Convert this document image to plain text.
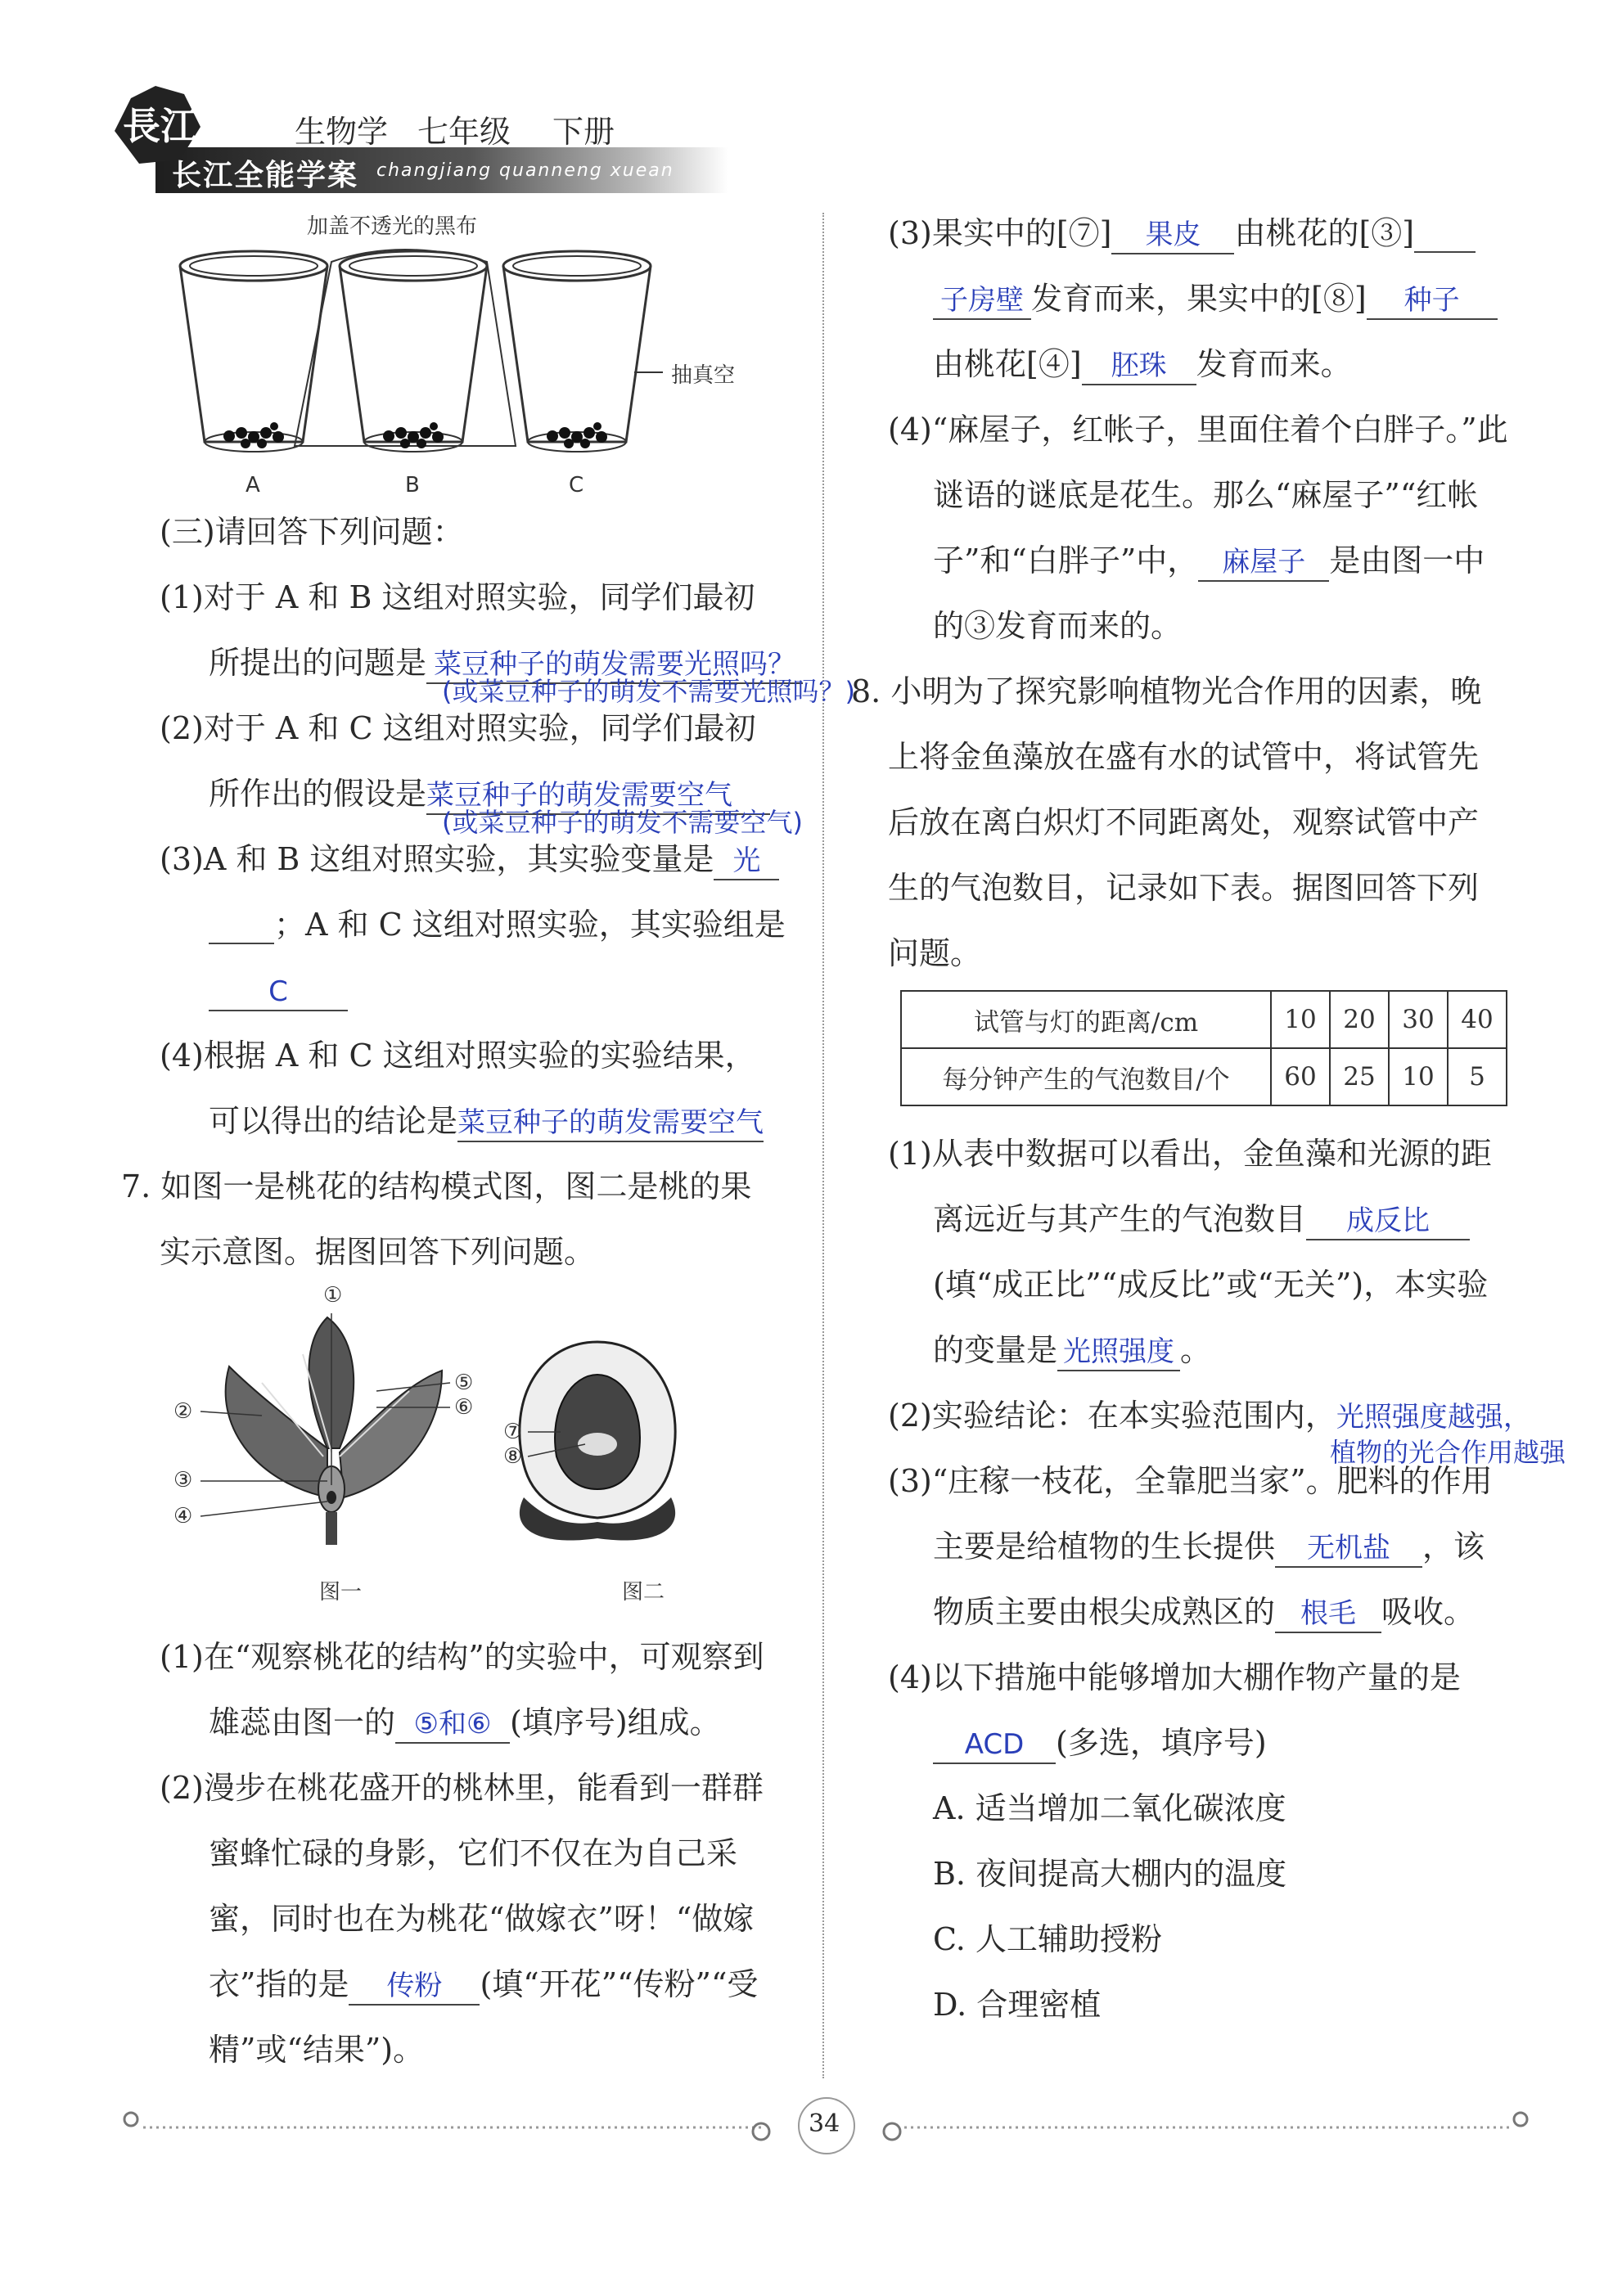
長江
长江全能学案 changjiang quanneng xuean
生物学 七年级 下册
加盖不透光的黑布
抽真空
A	B	C
(三)请回答下列问题：
(1)对于 A 和 B 这组对照实验，同学们最初
所提出的问题是 菜豆种子的萌发需要光照吗？
(或菜豆种子的萌发不需要光照吗？)
(2)对于 A 和 C 这组对照实验，同学们最初
所作出的假设是菜豆种子的萌发需要空气
(或菜豆种子的萌发不需要空气)
(3)A 和 B 这组对照实验，其实验变量是 光
；A 和 C 这组对照实验，其实验组是
C
(4)根据 A 和 C 这组对照实验的实验结果，
可以得出的结论是菜豆种子的萌发需要空气
7. 如图一是桃花的结构模式图，图二是桃的果
实示意图。据图回答下列问题。
①
②
③
④
⑤
⑥
⑦
⑧
图一	图二
(1)在“观察桃花的结构”的实验中，可观察到
雄蕊由图一的 ⑤和⑥ (填序号)组成。
(2)漫步在桃花盛开的桃林里，能看到一群群
蜜蜂忙碌的身影，它们不仅在为自己采
蜜，同时也在为桃花“做嫁衣”呀！“做嫁
衣”指的是 传粉 (填“开花”“传粉”“受
精”或“结果”)。
(3)果实中的[⑦] 果皮 由桃花的[③]
子房壁 发育而来，果实中的[⑧] 种子
由桃花[④] 胚珠 发育而来。
(4)“麻屋子，红帐子，里面住着个白胖子。”此
谜语的谜底是花生。那么“麻屋子”“红帐
子”和“白胖子”中， 麻屋子 是由图一中
的③发育而来的。
8. 小明为了探究影响植物光合作用的因素，晚
上将金鱼藻放在盛有水的试管中，将试管先
后放在离白炽灯不同距离处，观察试管中产
生的气泡数目，记录如下表。据图回答下列
问题。
试管与灯的距离/cm	10	20	30	40
每分钟产生的气泡数目/个	60	25	10	5
(1)从表中数据可以看出，金鱼藻和光源的距
离远近与其产生的气泡数目 成反比
(填“成正比”“成反比”或“无关”)，本实验
的变量是 光照强度 。
(2)实验结论：在本实验范围内，光照强度越强，
植物的光合作用越强
(3)“庄稼一枝花，全靠肥当家”。肥料的作用
主要是给植物的生长提供 无机盐 ，该
物质主要由根尖成熟区的 根毛 吸收。
(4)以下措施中能够增加大棚作物产量的是
ACD (多选，填序号)
A. 适当增加二氧化碳浓度
B. 夜间提高大棚内的温度
C. 人工辅助授粉
D. 合理密植
34
